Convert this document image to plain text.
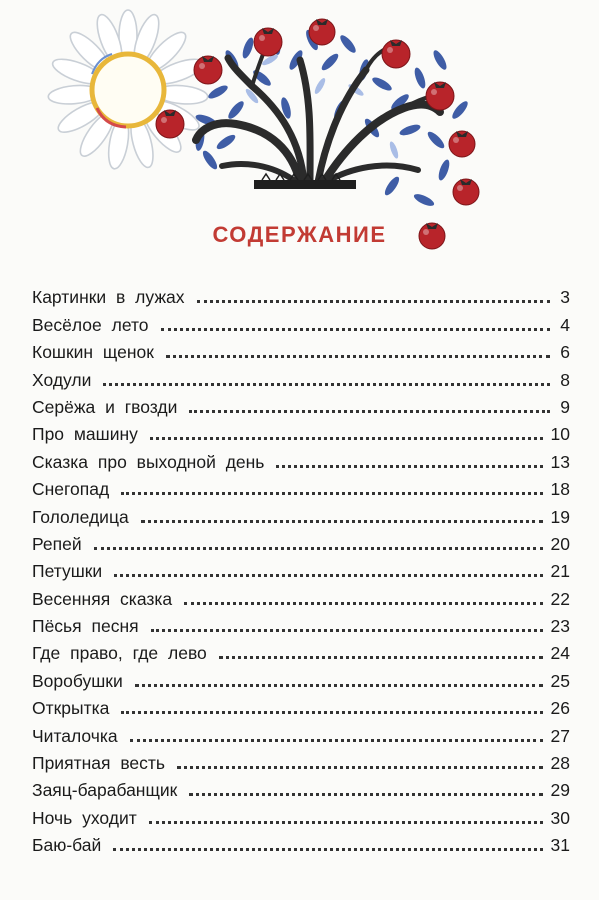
СОДЕРЖАНИЕ
Картинки в лужах	3
Весёлое лето	4
Кошкин щенок	6
Ходули	8
Серёжа и гвозди	9
Про машину	10
Сказка про выходной день	13
Снегопад	18
Гололедица	19
Репей	20
Петушки	21
Весенняя сказка	22
Пёсья песня	23
Где право, где лево	24
Воробушки	25
Открытка	26
Читалочка	27
Приятная весть	28
Заяц-барабанщик	29
Ночь уходит	30
Баю-бай	31
